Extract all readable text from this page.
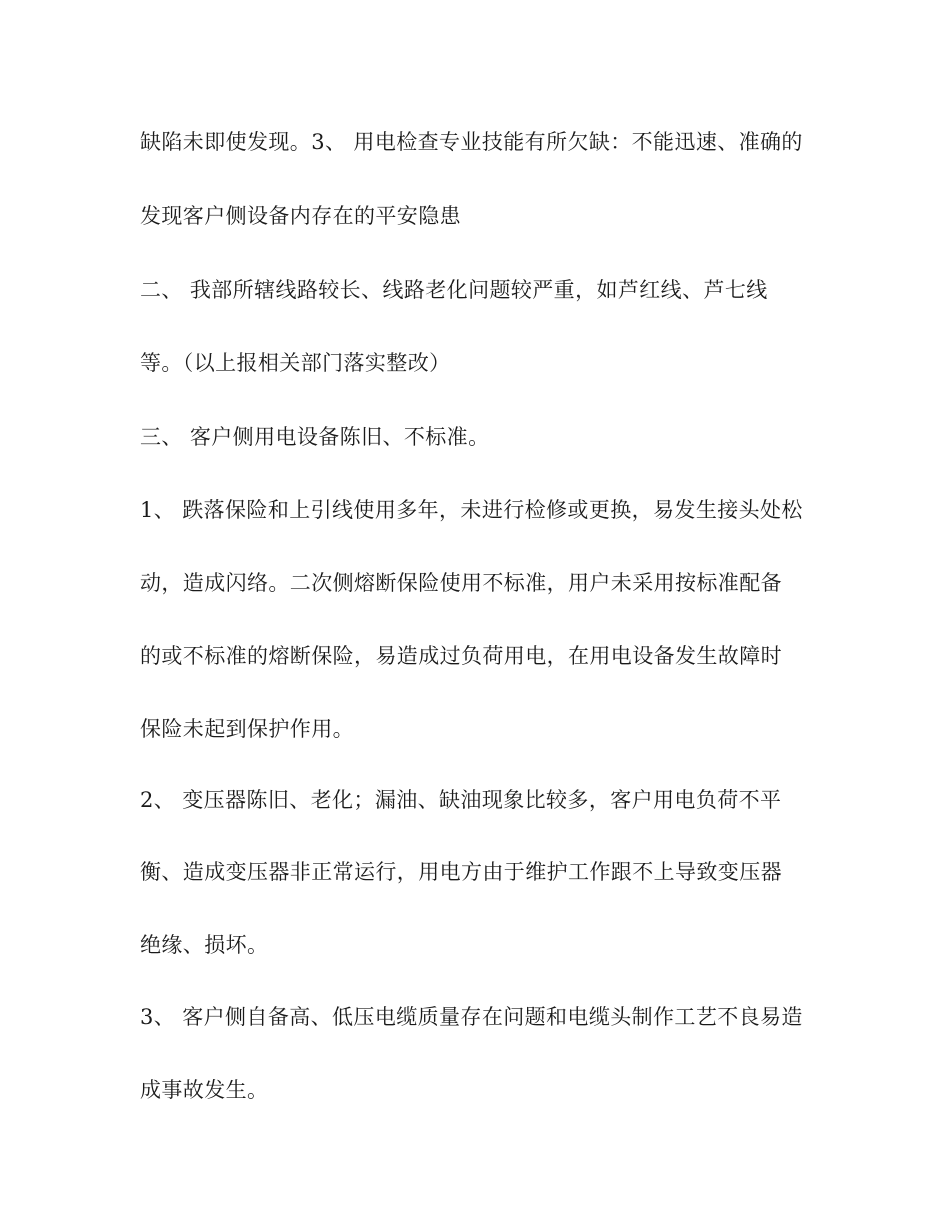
缺陷未即使发现。3、 用电检查专业技能有所欠缺：不能迅速、准确的

发现客户侧设备内存在的平安隐患

二、 我部所辖线路较长、线路老化问题较严重，如芦红线、芦七线

等。（以上报相关部门落实整改）

三、 客户侧用电设备陈旧、不标准。

1、 跌落保险和上引线使用多年，未进行检修或更换，易发生接头处松

动，造成闪络。二次侧熔断保险使用不标准，用户未采用按标准配备

的或不标准的熔断保险，易造成过负荷用电，在用电设备发生故障时

保险未起到保护作用。

2、 变压器陈旧、老化；漏油、缺油现象比较多，客户用电负荷不平

衡、造成变压器非正常运行，用电方由于维护工作跟不上导致变压器

绝缘、损坏。

3、 客户侧自备高、低压电缆质量存在问题和电缆头制作工艺不良易造

成事故发生。
